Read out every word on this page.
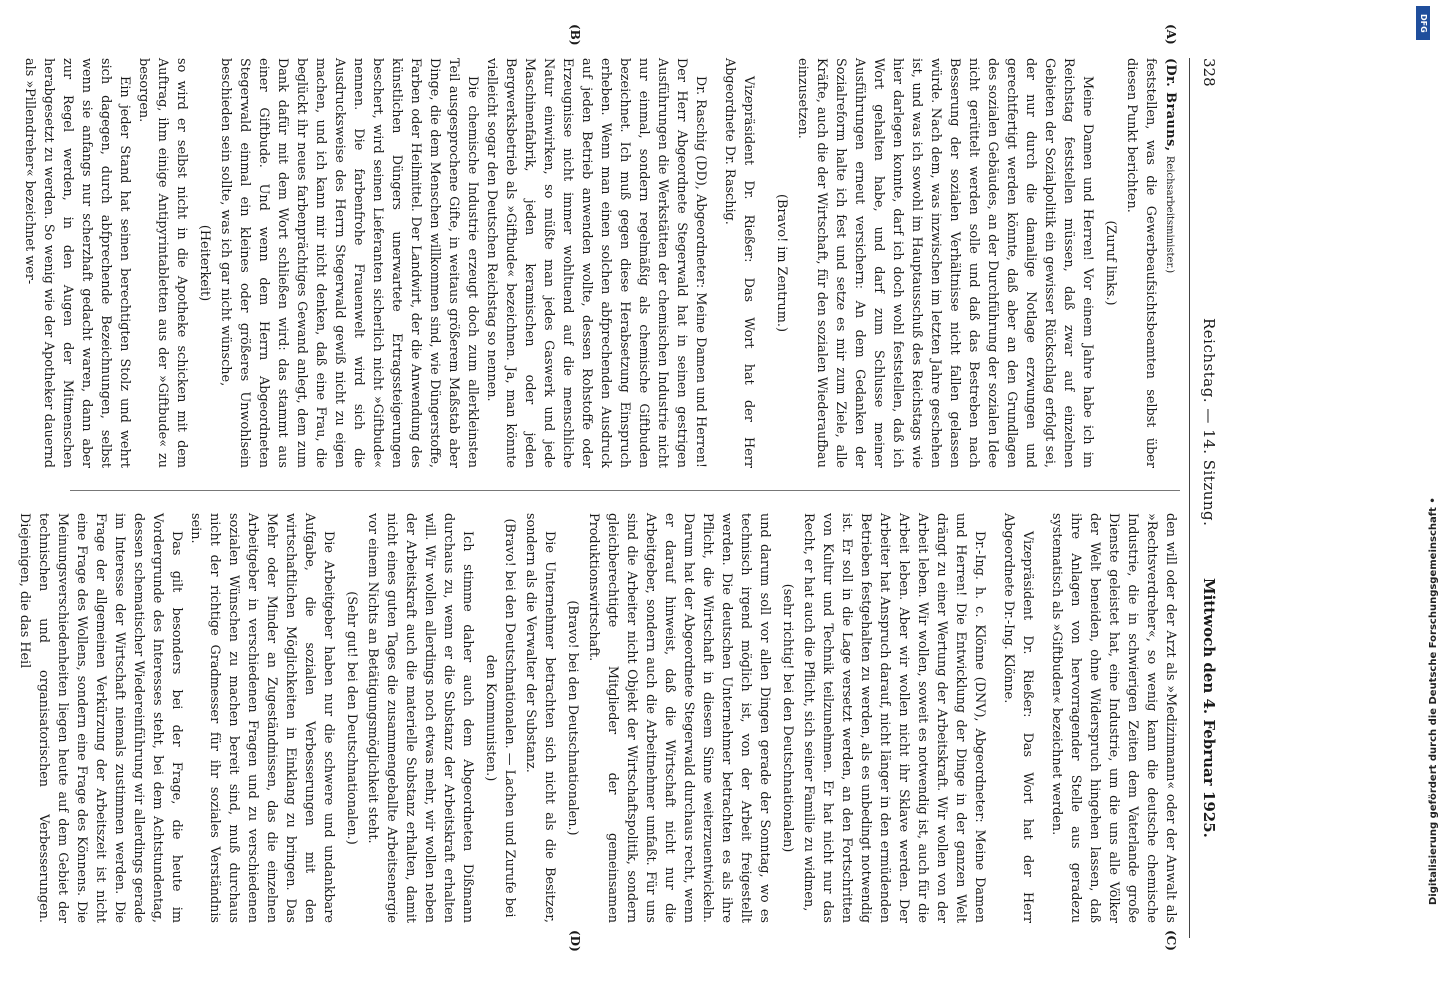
328
Reichstag. — 14. Sitzung.
Mittwoch den 4. Februar 1925.
(A)
(B)
(C)
(D)

(Dr. Brauns, Reichsarbeitsminister.)

feststellen, was die Gewerbeaufsichtsbeamten selbst über diesen Punkt berichten.

(Zuruf links.)

Meine Damen und Herren! Vor einem Jahre habe ich im Reichstag feststellen müssen, daß zwar auf einzelnen Gebieten der Sozialpolitik ein gewisser Rückschlag erfolgt sei, der nur durch die damalige Notlage erzwungen und gerechtfertigt werden könnte, daß aber an den Grundlagen des sozialen Gebäudes, an der Durchführung der sozialen Idee nicht gerüttelt werden solle und daß das Bestreben nach Besserung der sozialen Verhältnisse nicht fallen gelassen würde. Nach dem, was inzwischen im letzten Jahre geschehen ist, und was ich sowohl im Hauptausschuß des Reichstags wie hier darlegen konnte, darf ich doch wohl feststellen, daß ich Wort gehalten habe, und darf zum Schlusse meiner Ausführungen erneut versichern: An dem Gedanken der Sozialreform halte ich fest und setze es mir zum Ziele, alle Kräfte, auch die der Wirtschaft, für den sozialen Wiederaufbau einzusetzen.

(Bravo! im Zentrum.)

Vizepräsident Dr. Rießer: Das Wort hat der Herr Abgeordnete Dr. Raschig.

Dr. Raschig (DD), Abgeordneter: Meine Damen und Herren! Der Herr Abgeordnete Stegerwald hat in seinen gestrigen Ausführungen die Werkstätten der chemischen Industrie nicht nur einmal, sondern regelmäßig als chemische Giftbuden bezeichnet. Ich muß gegen diese Herabsetzung Einspruch erheben. Wenn man einen solchen abfprechenden Ausdruck auf jeden Betrieb anwenden wollte, dessen Rohstoffe oder Erzeugnisse nicht immer wohltuend auf die menschliche Natur einwirken, so müßte man jedes Gaswerk und jede Maschinenfabrik, jeden keramischen oder jeden Bergwerksbetrieb als »Giftbude« bezeichnen. Ja, man könnte vielleicht sogar den Deutschen Reichstag so nennen.

Die chemische Industrie erzeugt doch zum allerkleinsten Teil ausgesprochene Gifte, in weitaus größerem Maßstab aber Dinge, die dem Menschen willkommen sind, wie Düngerstoffe, Farben oder Heilmittel. Der Landwirt, der die Anwendung des künstlichen Düngers unerwartete Ertragssteigerungen beschert, wird seinen Lieferanten sicherlich nicht »Giftbude« nennen. Die farbenfrohe Frauenwelt wird sich die Ausdrucksweise des Herrn Stegerwald gewiß nicht zu eigen machen, und ich kann mir nicht denken, daß eine Frau, die beglückt ihr neues farbenprächtiges Gewand anlegt, dem zum Dank dafür mit dem Wort schließen wird: das stammt aus einer Giftbude. Und wenn dem Herrn Abgeordneten Stegerwald einmal ein kleines oder größeres Unwohlsein beschieden sein sollte, was ich gar nicht wünsche,

(Heiterkeit)

so wird er selbst nicht in die Apotheke schicken mit dem Auftrag, ihm einige Antipyrintabletten aus der »Giftbude« zu besorgen.

Ein jeder Stand hat seinen berechtigten Stolz und wehrt sich dagegen, durch abfprechende Bezeichnungen, selbst wenn sie anfangs nur scherzhaft gedacht waren, dann aber zur Regel werden, in den Augen der Mitmenschen herabgesetzt zu werden. So wenig wie der Apotheker dauernd als »Pillendreher« bezeichnet wer-

den will oder der Arzt als »Medizinmann« oder der Anwalt als »Rechtsverdreher«, so wenig kann die deutsche chemische Industrie, die in schwierigen Zeiten dem Vaterlande große Dienste geleistet hat, eine Industrie, um die uns alle Völker der Welt beneiden, ohne Widerspruch hingehen lassen, daß ihre Anlagen von hervorragender Stelle aus geradezu systematisch als »Giftbuden« bezeichnet werden.

Vizepräsident Dr. Rießer: Das Wort hat der Herr Abgeordnete Dr.-Ing. Klönne.

Dr.-Ing. h. c. Klönne (DNV), Abgeordneter: Meine Damen und Herren! Die Entwicklung der Dinge in der ganzen Welt drängt zu einer Wertung der Arbeitskraft. Wir wollen von der Arbeit leben. Wir wollen, soweit es notwendig ist, auch für die Arbeit leben. Aber wir wollen nicht ihr Sklave werden. Der Arbeiter hat Anspruch darauf, nicht länger in den ermüdenden Betrieben festgehalten zu werden, als es unbedingt notwendig ist. Er soll in die Lage versetzt werden, an den Fortschritten von Kultur und Technik teilzunehmen. Er hat nicht nur das Recht, er hat auch die Pflicht, sich seiner Familie zu widmen,

(sehr richtig! bei den Deutschnationalen)

und darum soll vor allen Dingen gerade der Sonntag, wo es technisch irgend möglich ist, von der Arbeit freigestellt werden. Die deutschen Unternehmer betrachten es als ihre Pflicht, die Wirtschaft in diesem Sinne weiterzuentwickeln. Darum hat der Abgeordnete Stegerwald durchaus recht, wenn er darauf hinweist, daß die Wirtschaft nicht nur die Arbeitgeber, sondern auch die Arbeitnehmer umfaßt. Für uns sind die Arbeiter nicht Objekt der Wirtschaftspolitik, sondern gleichberechtigte Mitglieder der gemeinsamen Produktionswirtschaft.

(Bravo! bei den Deutschnationalen.)

Die Unternehmer betrachten sich nicht als die Besitzer, sondern als die Verwalter der Substanz.

(Bravo! bei den Deutschnationalen. — Lachen und Zurufe bei den Kommunisten.)

Ich stimme daher auch dem Abgeordneten Dißmann durchaus zu, wenn er die Substanz der Arbeitskraft erhalten will. Wir wollen allerdings noch etwas mehr, wir wollen neben der Arbeitskraft auch die materielle Substanz erhalten, damit nicht eines guten Tages die zusammengeballte Arbeitsenergie vor einem Nichts an Betätigungsmöglichkeit steht.

(Sehr gut! bei den Deutschnationalen.)

Die Arbeitgeber haben nur die schwere und undankbare Aufgabe, die sozialen Verbesserungen mit den wirtschaftlichen Möglichkeiten in Einklang zu bringen. Das Mehr oder Minder an Zugeständnissen, das die einzelnen Arbeitgeber in verschiedenen Fragen und zu verschiedenen sozialen Wünschen zu machen bereit sind, muß durchaus nicht der richtige Gradmesser für ihr soziales Verständnis sein.

Das gilt besonders bei der Frage, die heute im Vordergrunde des Interesses steht, bei dem Achtstundentag, dessen schematischer Wiedereinführung wir allerdings gerade im Interesse der Wirtschaft niemals zustimmen werden. Die Frage der allgemeinen Verkürzung der Arbeitszeit ist nicht eine Frage des Wollens, sondern eine Frage des Könnens. Die Meinungsverschiedenheiten liegen heute auf dem Gebiet der technischen und organisatorischen Verbesserungen. Diejenigen, die das Heil

DFG
Digitalisierung gefördert durch die Deutsche Forschungsgemeinschaft •
